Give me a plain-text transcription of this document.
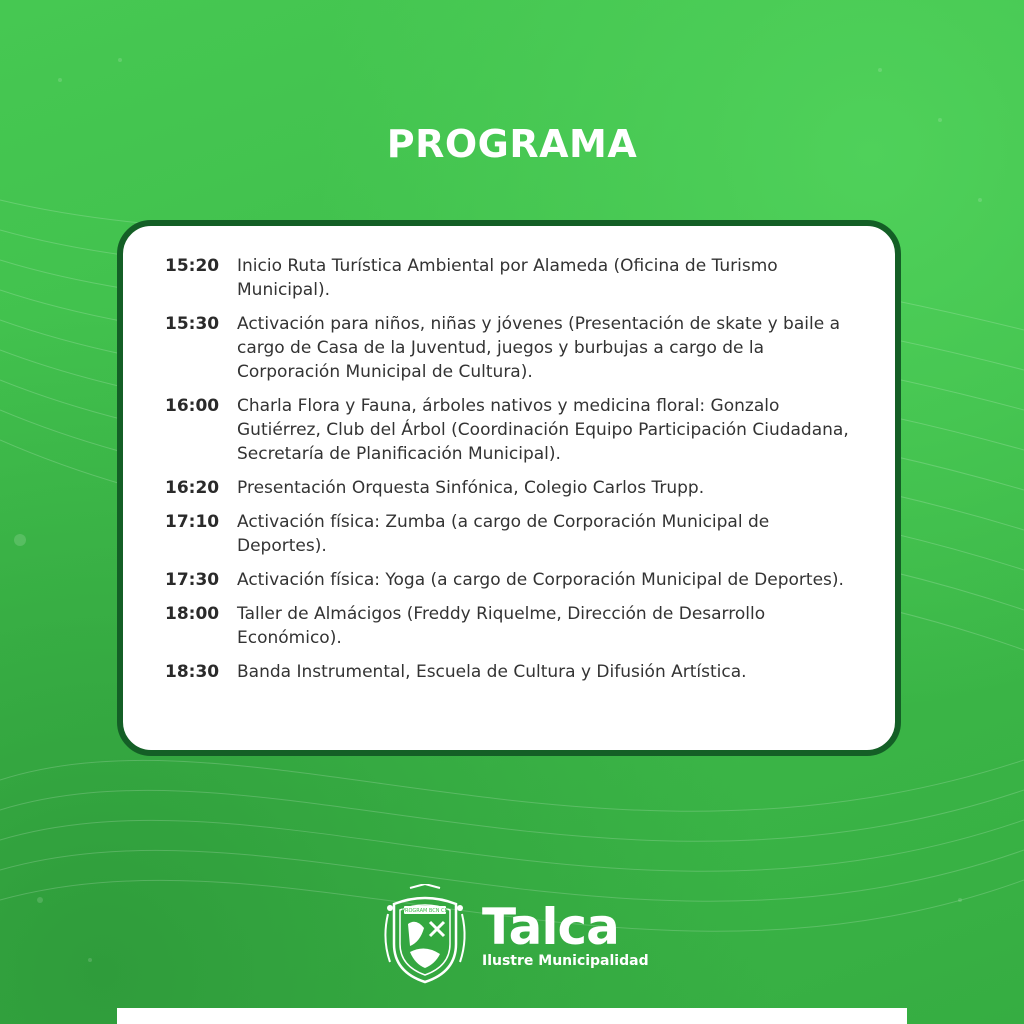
PROGRAMA
15:20	Inicio Ruta Turística Ambiental por Alameda (Oficina de Turismo Municipal).
15:30	Activación para niños, niñas y jóvenes (Presentación de skate y baile a cargo de Casa de la Juventud, juegos y burbujas a cargo de la Corporación Municipal de Cultura).
16:00	Charla Flora y Fauna, árboles nativos y medicina floral: Gonzalo Gutiérrez, Club del Árbol (Coordinación Equipo Participación Ciudadana, Secretaría de Planificación Municipal).
16:20	Presentación Orquesta Sinfónica, Colegio Carlos Trupp.
17:10	Activación física: Zumba (a cargo de Corporación Municipal de Deportes).
17:30	Activación física: Yoga (a cargo de Corporación Municipal de Deportes).
18:00	Taller de Almácigos (Freddy Riquelme, Dirección de Desarrollo Económico).
18:30	Banda Instrumental, Escuela de Cultura y Difusión Artística.
PROGRAM BCN CB Talca
Ilustre Municipalidad
